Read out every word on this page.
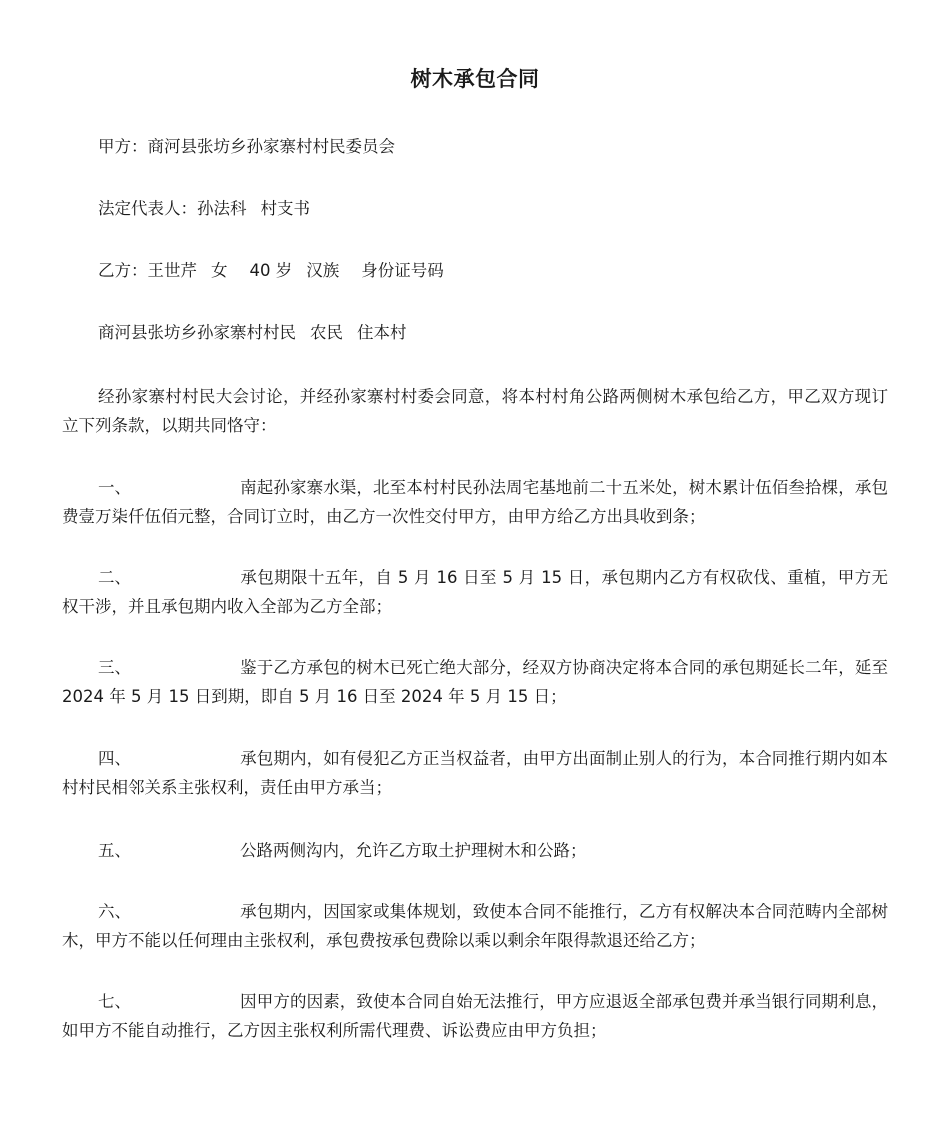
树木承包合同

甲方：商河县张坊乡孙家寨村村民委员会

法定代表人：孙法科 村支书

乙方：王世芹 女 40 岁 汉族 身份证号码

商河县张坊乡孙家寨村村民 农民 住本村

经孙家寨村村民大会讨论，并经孙家寨村村委会同意，将本村村角公路两侧树木承包给乙方，甲乙双方现订立下列条款，以期共同恪守：

一、	南起孙家寨水渠，北至本村村民孙法周宅基地前二十五米处，树木累计伍佰叁拾棵，承包费壹万柒仟伍佰元整，合同订立时，由乙方一次性交付甲方，由甲方给乙方出具收到条；

二、	承包期限十五年，自 5 月 16 日至 5 月 15 日，承包期内乙方有权砍伐、重植，甲方无权干涉，并且承包期内收入全部为乙方全部；

三、	鉴于乙方承包的树木已死亡绝大部分，经双方协商决定将本合同的承包期延长二年，延至 2024 年 5 月 15 日到期，即自 5 月 16 日至 2024 年 5 月 15 日；

四、	承包期内，如有侵犯乙方正当权益者，由甲方出面制止别人的行为，本合同推行期内如本村村民相邻关系主张权利，责任由甲方承当；

五、	公路两侧沟内，允许乙方取土护理树木和公路；

六、	承包期内，因国家或集体规划，致使本合同不能推行，乙方有权解决本合同范畴内全部树木，甲方不能以任何理由主张权利，承包费按承包费除以乘以剩余年限得款退还给乙方；

七、	因甲方的因素，致使本合同自始无法推行，甲方应退返全部承包费并承当银行同期利息，如甲方不能自动推行，乙方因主张权利所需代理费、诉讼费应由甲方负担；
